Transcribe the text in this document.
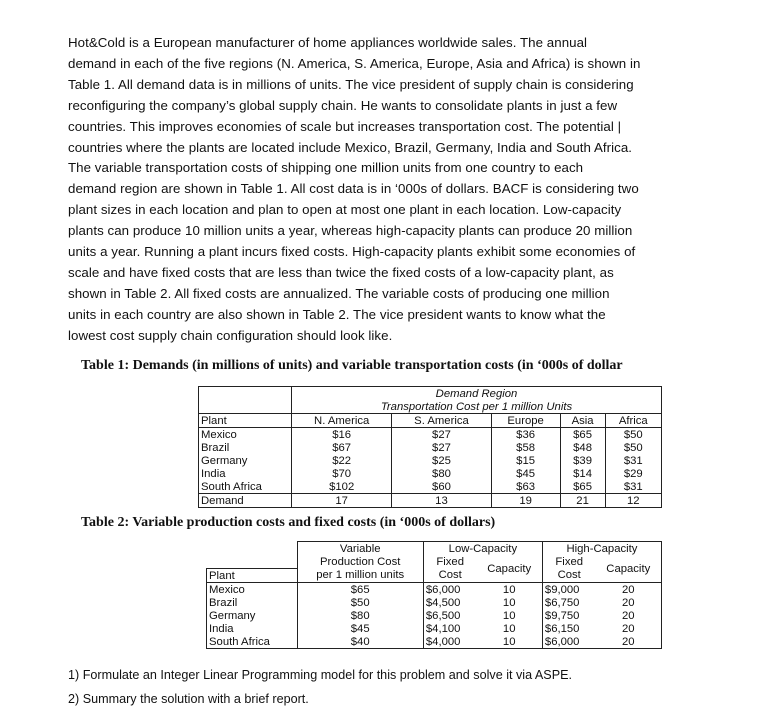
Hot&Cold is a European manufacturer of home appliances worldwide sales. The annual
demand in each of the five regions (N. America, S. America, Europe, Asia and Africa) is shown in
Table 1. All demand data is in millions of units. The vice president of supply chain is considering
reconfiguring the company’s global supply chain. He wants to consolidate plants in just a few
countries. This improves economies of scale but increases transportation cost. The potential |
countries where the plants are located include Mexico, Brazil, Germany, India and South Africa.
The variable transportation costs of shipping one million units from one country to each
demand region are shown in Table 1. All cost data is in ‘000s of dollars. BACF is considering two
plant sizes in each location and plan to open at most one plant in each location. Low-capacity
plants can produce 10 million units a year, whereas high-capacity plants can produce 20 million
units a year. Running a plant incurs fixed costs. High-capacity plants exhibit some economies of
scale and have fixed costs that are less than twice the fixed costs of a low-capacity plant, as
shown in Table 2. All fixed costs are annualized. The variable costs of producing one million
units in each country are also shown in Table 2. The vice president wants to know what the
lowest cost supply chain configuration should look like.

Table 1: Demands (in millions of units) and variable transportation costs (in ‘000s of dollar

	Demand Region				
	Transportation Cost per 1 million Units				
Plant	N. America	S. America	Europe	Asia	Africa
Mexico	$16	$27	$36	$65	$50
Brazil	$67	$27	$58	$48	$50
Germany	$22	$25	$15	$39	$31
India	$70	$80	$45	$14	$29
South Africa	$102	$60	$63	$65	$31
Demand	17	13	19	21	12

Table 2: Variable production costs and fixed costs (in ‘000s of dollars)

	Variable	Low-Capacity		High-Capacity	
	Production Cost	Fixed	Capacity	Fixed	Capacity
Plant	per 1 million units	Cost		Cost	
Mexico	$65	$6,000	10	$9,000	20
Brazil	$50	$4,500	10	$6,750	20
Germany	$80	$6,500	10	$9,750	20
India	$45	$4,100	10	$6,150	20
South Africa	$40	$4,000	10	$6,000	20

1) Formulate an Integer Linear Programming model for this problem and solve it via ASPE.
2) Summary the solution with a brief report.
